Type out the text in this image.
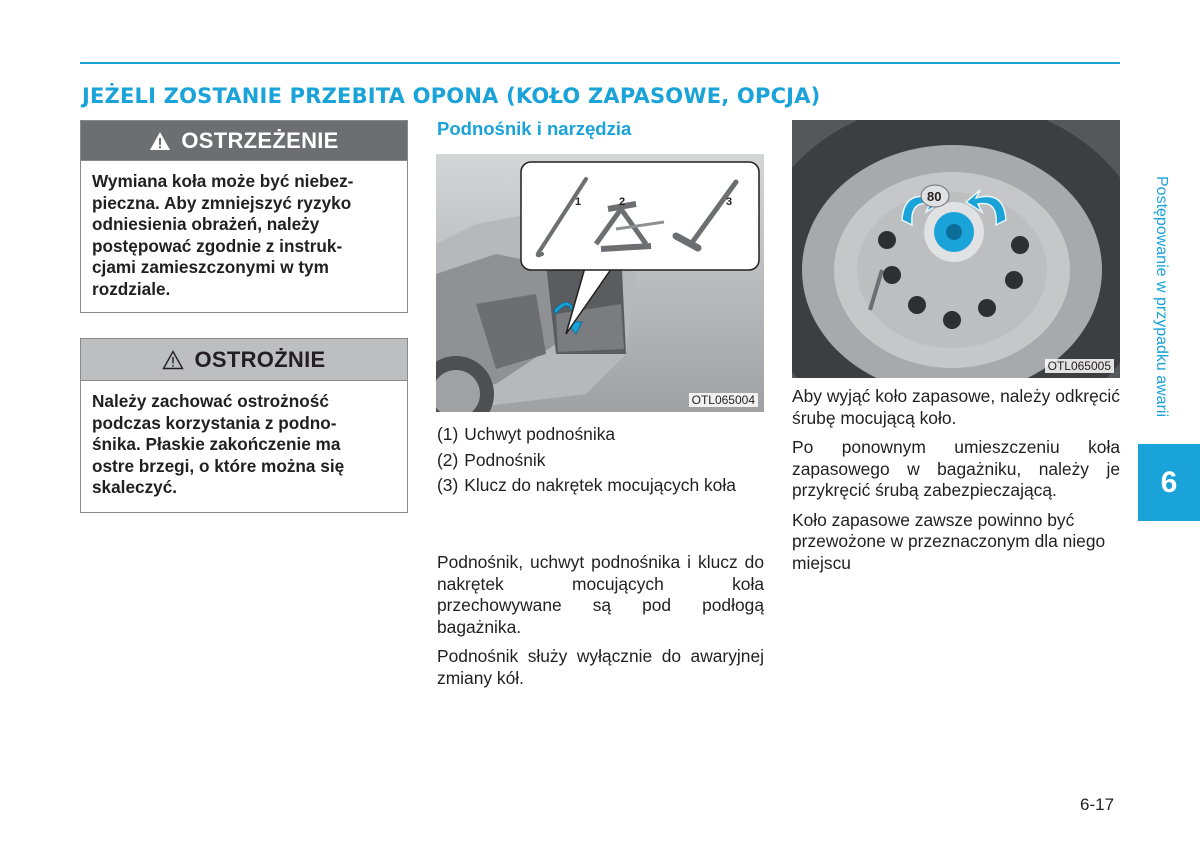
JEŻELI ZOSTANIE PRZEBITA OPONA (KOŁO ZAPASOWE, OPCJA)
OSTRZEŻENIE
Wymiana koła może być niebez-
pieczna. Aby zmniejszyć ryzyko
odniesienia obrażeń, należy
postępować zgodnie z instruk-
cjami zamieszczonymi w tym
rozdziale.
OSTROŻNIE
Należy zachować ostrożność
podczas korzystania z podno-
śnika. Płaskie zakończenie ma
ostre brzegi, o które można się
skaleczyć.
Podnośnik i narzędzia
1	2	3
OTL065004
(1) Uchwyt podnośnika
(2) Podnośnik
(3) Klucz do nakrętek mocujących koła

Podnośnik, uchwyt podnośnika i klucz do nakrętek mocujących koła przechowywane są pod podłogą bagażnika.

Podnośnik służy wyłącznie do awaryjnej zmiany kół.

80
OTL065005

Aby wyjąć koło zapasowe, należy odkręcić śrubę mocującą koło.

Po ponownym umieszczeniu koła zapasowego w bagażniku, należy je przykręcić śrubą zabezpieczającą.

Koło zapasowe zawsze powinno być przewożone w przeznaczonym dla niego miejscu

Postępowanie w przypadku awarii
6
6-17
